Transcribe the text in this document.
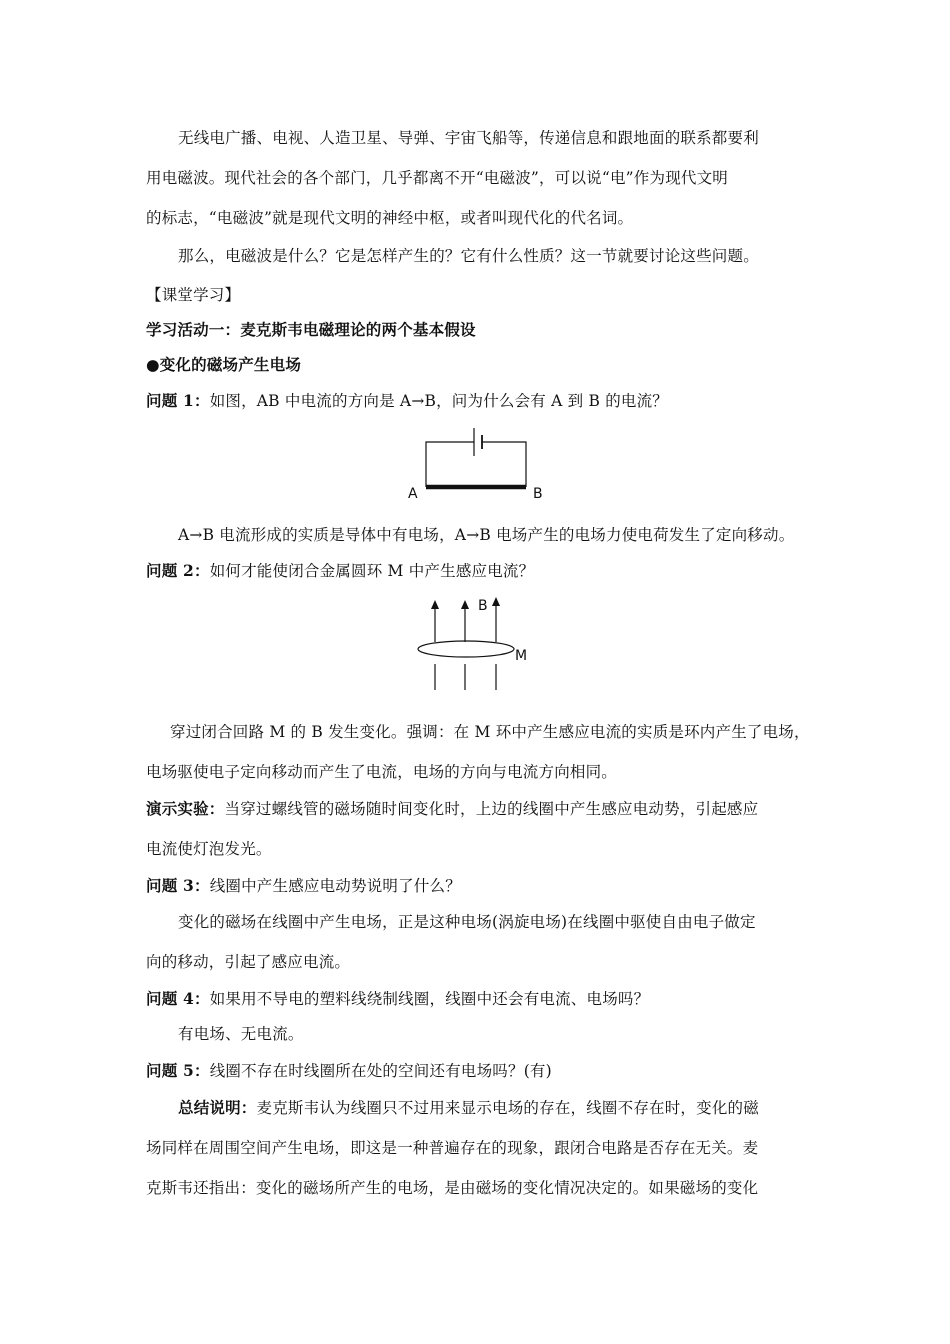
无线电广播、电视、人造卫星、导弹、宇宙飞船等，传递信息和跟地面的联系都要利
用电磁波。现代社会的各个部门，几乎都离不开“电磁波”，可以说“电”作为现代文明
的标志，“电磁波”就是现代文明的神经中枢，或者叫现代化的代名词。
那么，电磁波是什么？它是怎样产生的？它有什么性质？这一节就要讨论这些问题。
【课堂学习】
学习活动一：麦克斯韦电磁理论的两个基本假设
●变化的磁场产生电场
问题 1：如图，AB 中电流的方向是 A→B，问为什么会有 A 到 B 的电流？
A	B
A→B 电流形成的实质是导体中有电场，A→B 电场产生的电场力使电荷发生了定向移动。
问题 2：如何才能使闭合金属圆环 M 中产生感应电流？
B
M
穿过闭合回路 M 的 B 发生变化。强调：在 M 环中产生感应电流的实质是环内产生了电场，
电场驱使电子定向移动而产生了电流，电场的方向与电流方向相同。
演示实验：当穿过螺线管的磁场随时间变化时，上边的线圈中产生感应电动势，引起感应
电流使灯泡发光。
问题 3：线圈中产生感应电动势说明了什么？
变化的磁场在线圈中产生电场，正是这种电场(涡旋电场)在线圈中驱使自由电子做定
向的移动，引起了感应电流。
问题 4：如果用不导电的塑料线绕制线圈，线圈中还会有电流、电场吗？
有电场、无电流。
问题 5：线圈不存在时线圈所在处的空间还有电场吗？(有)
总结说明：麦克斯韦认为线圈只不过用来显示电场的存在，线圈不存在时，变化的磁
场同样在周围空间产生电场，即这是一种普遍存在的现象，跟闭合电路是否存在无关。麦
克斯韦还指出：变化的磁场所产生的电场，是由磁场的变化情况决定的。如果磁场的变化
